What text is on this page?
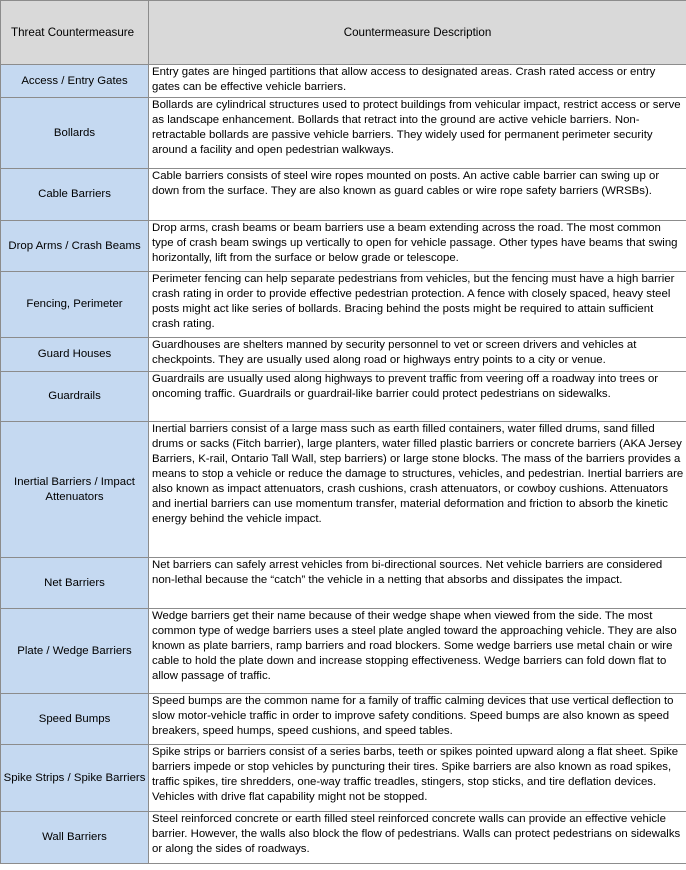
Threat Countermeasure	Countermeasure Description

Access / Entry Gates	Entry gates are hinged partitions that allow access to designated areas. Crash rated access or entry gates can be effective vehicle barriers.

Bollards	Bollards are cylindrical structures used to protect buildings from vehicular impact, restrict access or serve as landscape enhancement. Bollards that retract into the ground are active vehicle barriers. Non-retractable bollards are passive vehicle barriers. They widely used for permanent perimeter security around a facility and open pedestrian walkways.

Cable Barriers	Cable barriers consists of steel wire ropes mounted on posts. An active cable barrier can swing up or down from the surface. They are also known as guard cables or wire rope safety barriers (WRSBs).

Drop Arms / Crash Beams	Drop arms, crash beams or beam barriers use a beam extending across the road. The most common type of crash beam swings up vertically to open for vehicle passage. Other types have beams that swing horizontally, lift from the surface or below grade or telescope.

Fencing, Perimeter	Perimeter fencing can help separate pedestrians from vehicles, but the fencing must have a high barrier crash rating in order to provide effective pedestrian protection. A fence with closely spaced, heavy steel posts might act like series of bollards. Bracing behind the posts might be required to attain sufficient crash rating.

Guard Houses	Guardhouses are shelters manned by security personnel to vet or screen drivers and vehicles at checkpoints. They are usually used along road or highways entry points to a city or venue.

Guardrails	Guardrails are usually used along highways to prevent traffic from veering off a roadway into trees or oncoming traffic. Guardrails or guardrail-like barrier could protect pedestrians on sidewalks.

Inertial Barriers / Impact Attenuators	Inertial barriers consist of a large mass such as earth filled containers, water filled drums, sand filled drums or sacks (Fitch barrier), large planters, water filled plastic barriers or concrete barriers (AKA Jersey Barriers, K-rail, Ontario Tall Wall, step barriers) or large stone blocks. The mass of the barriers provides a means to stop a vehicle or reduce the damage to structures, vehicles, and pedestrian. Inertial barriers are also known as impact attenuators, crash cushions, crash attenuators, or cowboy cushions. Attenuators and inertial barriers can use momentum transfer, material deformation and friction to absorb the kinetic energy behind the vehicle impact.

Net Barriers	Net barriers can safely arrest vehicles from bi-directional sources. Net vehicle barriers are considered non-lethal because the “catch” the vehicle in a netting that absorbs and dissipates the impact.

Plate / Wedge Barriers	Wedge barriers get their name because of their wedge shape when viewed from the side. The most common type of wedge barriers uses a steel plate angled toward the approaching vehicle. They are also known as plate barriers, ramp barriers and road blockers. Some wedge barriers use metal chain or wire cable to hold the plate down and increase stopping effectiveness. Wedge barriers can fold down flat to allow passage of traffic.

Speed Bumps	Speed bumps are the common name for a family of traffic calming devices that use vertical deflection to slow motor-vehicle traffic in order to improve safety conditions. Speed bumps are also known as speed breakers, speed humps, speed cushions, and speed tables.

Spike Strips / Spike Barriers	Spike strips or barriers consist of a series barbs, teeth or spikes pointed upward along a flat sheet. Spike barriers impede or stop vehicles by puncturing their tires. Spike barriers are also known as road spikes, traffic spikes, tire shredders, one-way traffic treadles, stingers, stop sticks, and tire deflation devices. Vehicles with drive flat capability might not be stopped.

Wall Barriers	Steel reinforced concrete or earth filled steel reinforced concrete walls can provide an effective vehicle barrier. However, the walls also block the flow of pedestrians. Walls can protect pedestrians on sidewalks or along the sides of roadways.
